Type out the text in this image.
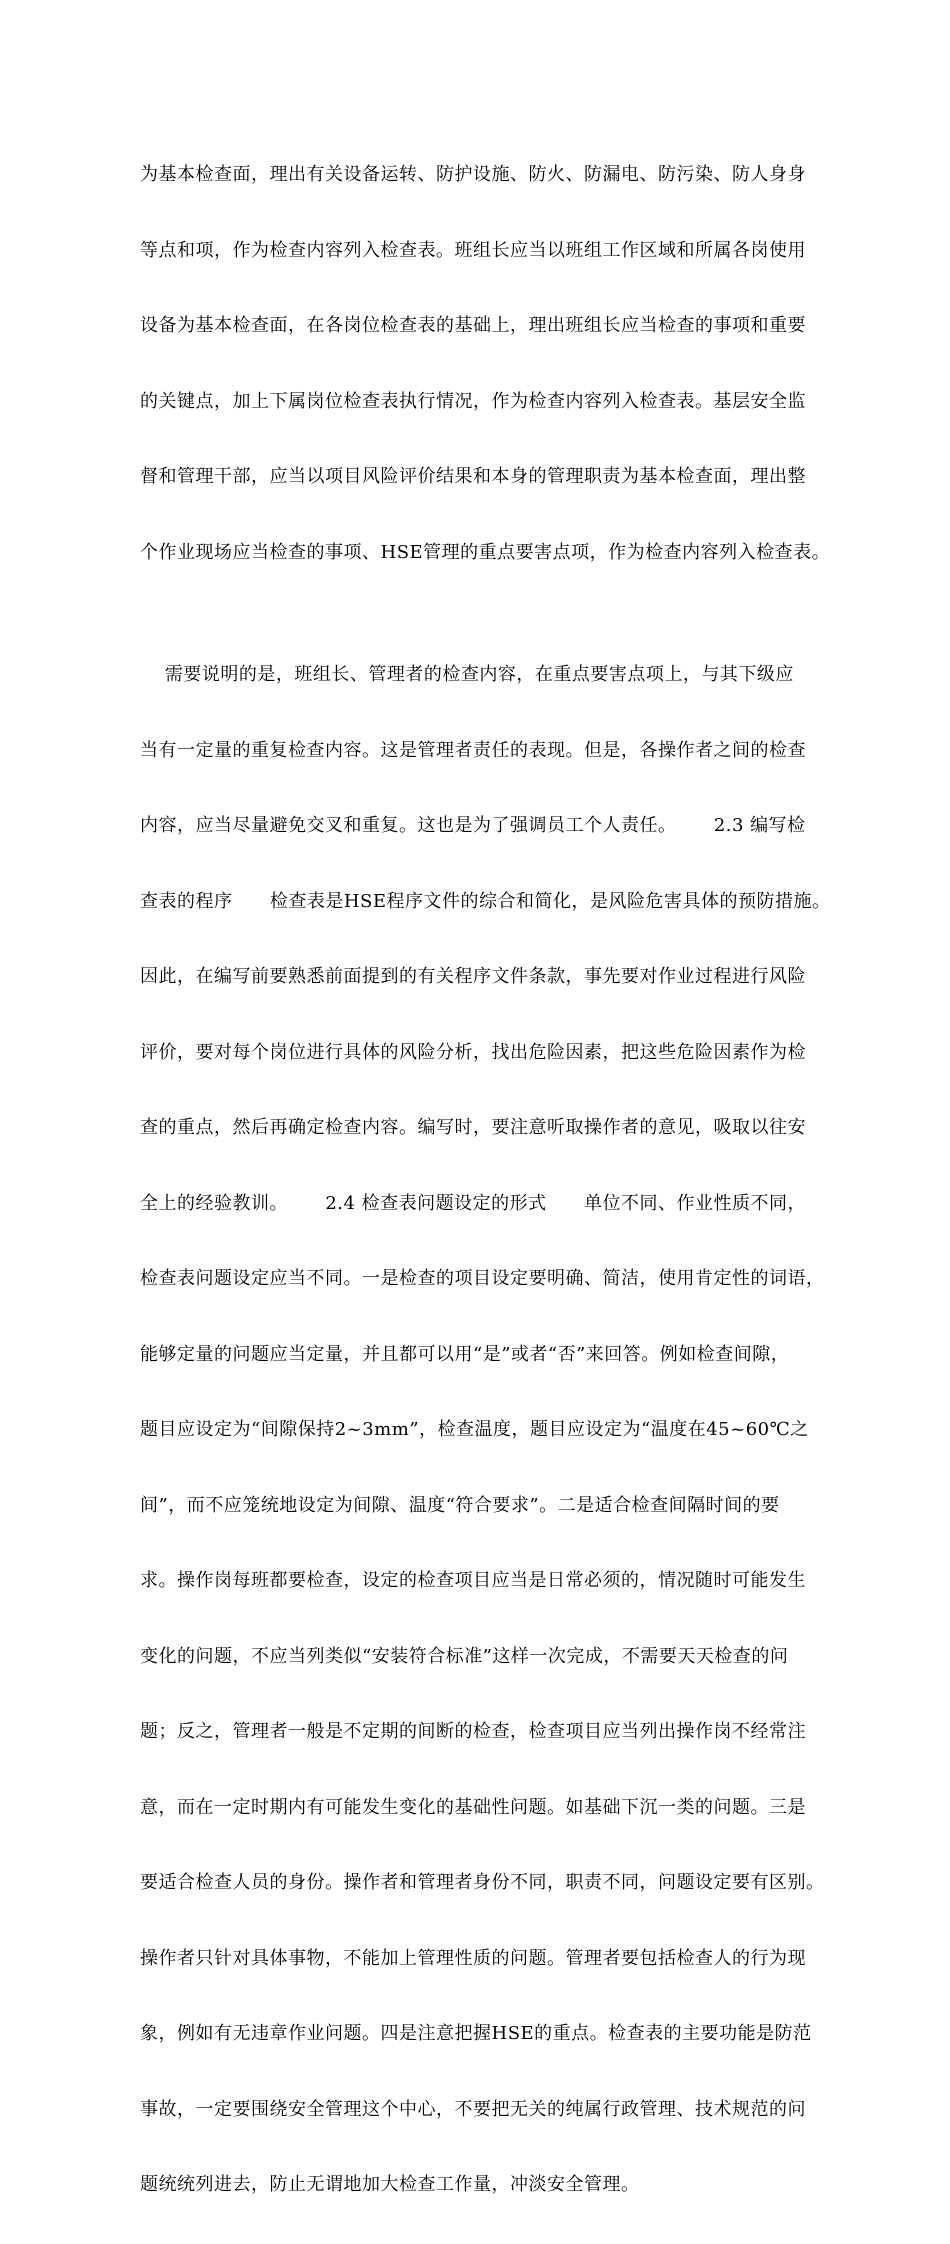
为基本检查面，理出有关设备运转、防护设施、防火、防漏电、防污染、防人身身

等点和项，作为检查内容列入检查表。班组长应当以班组工作区域和所属各岗使用

设备为基本检查面，在各岗位检查表的基础上，理出班组长应当检查的事项和重要

的关键点，加上下属岗位检查表执行情况，作为检查内容列入检查表。基层安全监

督和管理干部，应当以项目风险评价结果和本身的管理职责为基本检查面，理出整

个作业现场应当检查的事项、HSE管理的重点要害点项，作为检查内容列入检查表。

需要说明的是，班组长、管理者的检查内容，在重点要害点项上，与其下级应

当有一定量的重复检查内容。这是管理者责任的表现。但是，各操作者之间的检查

内容，应当尽量避免交叉和重复。这也是为了强调员工个人责任。      2.3 编写检

查表的程序      检查表是HSE程序文件的综合和简化，是风险危害具体的预防措施。

因此，在编写前要熟悉前面提到的有关程序文件条款，事先要对作业过程进行风险

评价，要对每个岗位进行具体的风险分析，找出危险因素，把这些危险因素作为检

查的重点，然后再确定检查内容。编写时，要注意听取操作者的意见，吸取以往安

全上的经验教训。      2.4 检查表问题设定的形式      单位不同、作业性质不同，

检查表问题设定应当不同。一是检查的项目设定要明确、简洁，使用肯定性的词语，

能够定量的问题应当定量，并且都可以用“是”或者“否”来回答。例如检查间隙，

题目应设定为“间隙保持2~3mm”，检查温度，题目应设定为“温度在45~60℃之

间”，而不应笼统地设定为间隙、温度“符合要求”。二是适合检查间隔时间的要

求。操作岗每班都要检查，设定的检查项目应当是日常必须的，情况随时可能发生

变化的问题，不应当列类似“安装符合标准”这样一次完成，不需要天天检查的问

题；反之，管理者一般是不定期的间断的检查，检查项目应当列出操作岗不经常注

意，而在一定时期内有可能发生变化的基础性问题。如基础下沉一类的问题。三是

要适合检查人员的身份。操作者和管理者身份不同，职责不同，问题设定要有区别。

操作者只针对具体事物，不能加上管理性质的问题。管理者要包括检查人的行为现

象，例如有无违章作业问题。四是注意把握HSE的重点。检查表的主要功能是防范

事故，一定要围绕安全管理这个中心，不要把无关的纯属行政管理、技术规范的问

题统统列进去，防止无谓地加大检查工作量，冲淡安全管理。
